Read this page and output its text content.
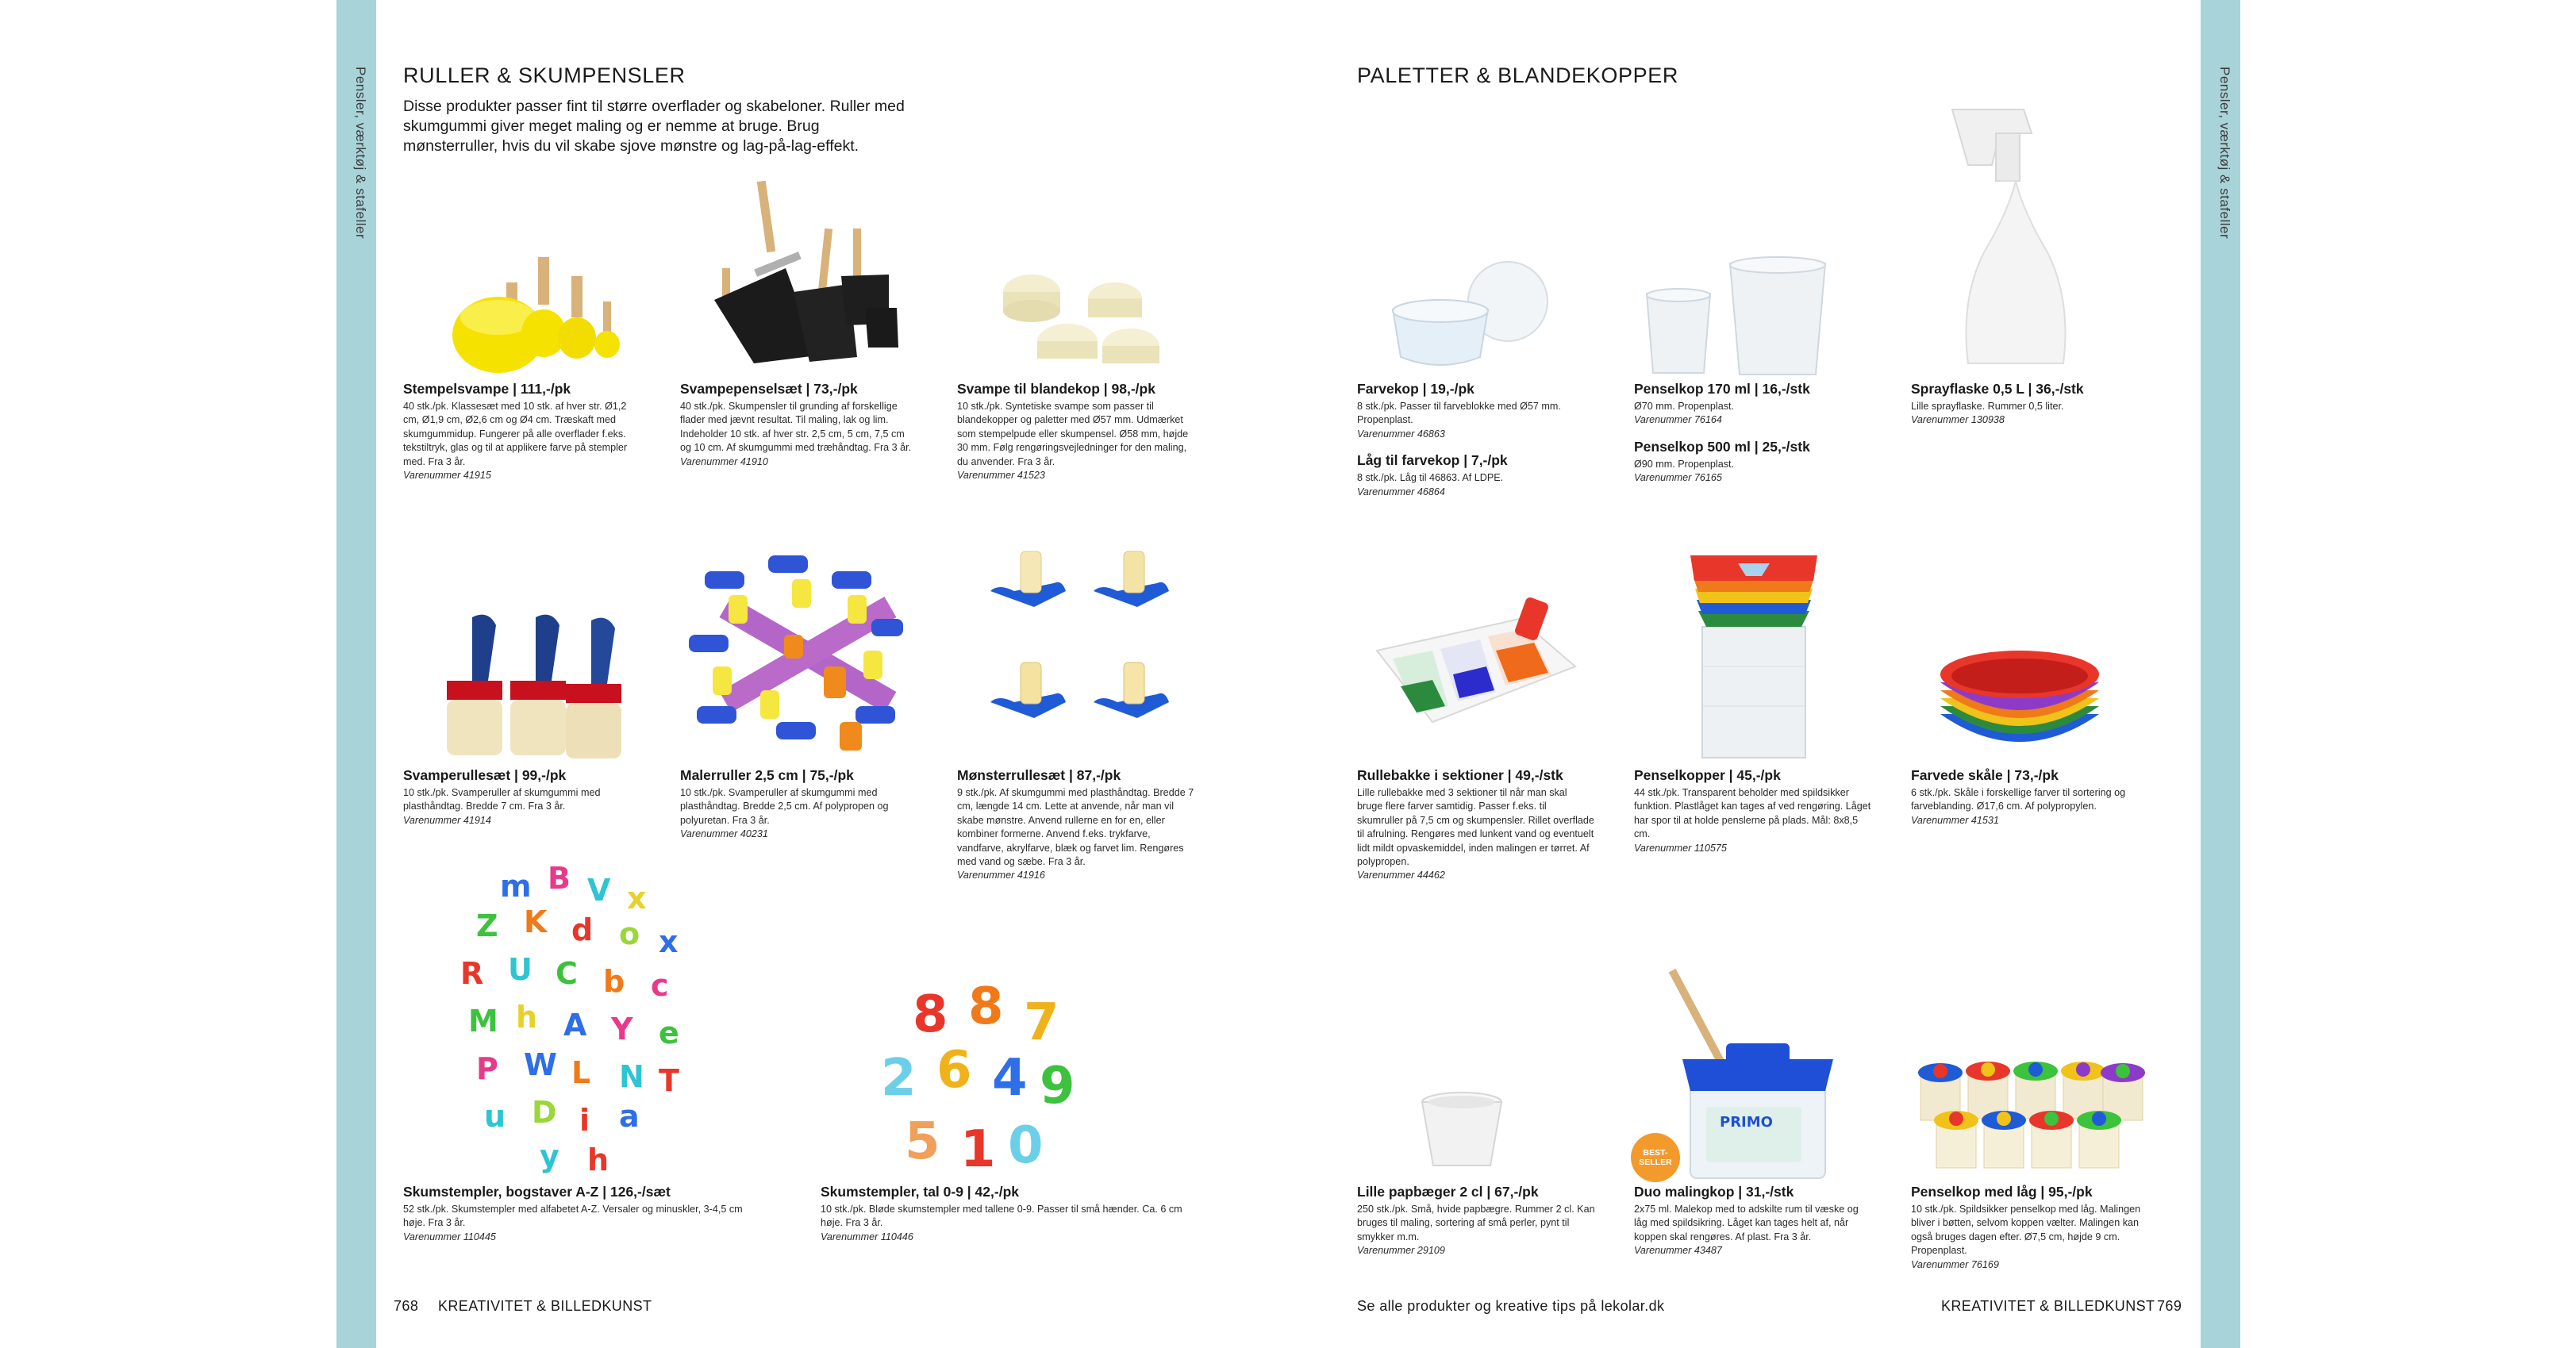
Pensler, værktøj & stafeller	Pensler, værktøj & stafeller
RULLER & SKUMPENSLER
Disse produkter passer fint til større overflader og skabeloner. Ruller med skumgummi giver meget maling og er nemme at bruge. Brug mønsterruller, hvis du vil skabe sjove mønstre og lag-på-lag-effekt.
PALETTER & BLANDEKOPPER
m B V x
Z K d o x
R U C b c
M h A Y e
P W L N T
u D i a
y h
8 8 7
2 6 4 9
5 1 0	PRIMO
BEST-
SELLER
Stempelsvampe | 111,-/pk
40 stk./pk. Klassesæt med 10 stk. af hver str. Ø1,2 cm, Ø1,9 cm, Ø2,6 cm og Ø4 cm. Træskaft med skumgummidup. Fungerer på alle overflader f.eks. tekstiltryk, glas og til at applikere farve på stempler med. Fra 3 år.
Varenummer 41915
Svampepenselsæt | 73,-/pk
40 stk./pk. Skumpensler til grunding af forskellige flader med jævnt resultat. Til maling, lak og lim. Indeholder 10 stk. af hver str. 2,5 cm, 5 cm, 7,5 cm og 10 cm. Af skumgummi med træhåndtag. Fra 3 år.
Varenummer 41910
Svampe til blandekop | 98,-/pk
10 stk./pk. Syntetiske svampe som passer til blandekopper og paletter med Ø57 mm. Udmærket som stempelpude eller skumpensel. Ø58 mm, højde 30 mm. Følg rengøringsvejledninger for den maling, du anvender. Fra 3 år.
Varenummer 41523
Svamperullesæt | 99,-/pk
10 stk./pk. Svamperuller af skumgummi med plasthåndtag. Bredde 7 cm. Fra 3 år.
Varenummer 41914
Malerruller 2,5 cm | 75,-/pk
10 stk./pk. Svamperuller af skumgummi med plasthåndtag. Bredde 2,5 cm. Af polypropen og polyuretan. Fra 3 år.
Varenummer 40231
Mønsterrullesæt | 87,-/pk
9 stk./pk. Af skumgummi med plasthåndtag. Bredde 7 cm, længde 14 cm. Lette at anvende, når man vil skabe mønstre. Anvend rullerne en for en, eller kombiner formerne. Anvend f.eks. trykfarve, vandfarve, akrylfarve, blæk og farvet lim. Rengøres med vand og sæbe. Fra 3 år.
Varenummer 41916
Skumstempler, bogstaver A-Z | 126,-/sæt
52 stk./pk. Skumstempler med alfabetet A-Z. Versaler og minuskler, 3-4,5 cm høje. Fra 3 år.
Varenummer 110445
Skumstempler, tal 0-9 | 42,-/pk
10 stk./pk. Bløde skumstempler med tallene 0-9. Passer til små hænder. Ca. 6 cm høje. Fra 3 år.
Varenummer 110446
Farvekop | 19,-/pk
8 stk./pk. Passer til farveblokke med Ø57 mm. Propenplast.
Varenummer 46863
Låg til farvekop | 7,-/pk
8 stk./pk. Låg til 46863. Af LDPE.
Varenummer 46864
Penselkop 170 ml | 16,-/stk
Ø70 mm. Propenplast.
Varenummer 76164
Penselkop 500 ml | 25,-/stk
Ø90 mm. Propenplast.
Varenummer 76165
Sprayflaske 0,5 L | 36,-/stk
Lille sprayflaske. Rummer 0,5 liter.
Varenummer 130938
Rullebakke i sektioner | 49,-/stk
Lille rullebakke med 3 sektioner til når man skal bruge flere farver samtidig. Passer f.eks. til skumruller på 7,5 cm og skumpensler. Rillet overflade til afrulning. Rengøres med lunkent vand og eventuelt lidt mildt opvaskemiddel, inden malingen er tørret. Af polypropen.
Varenummer 44462
Penselkopper | 45,-/pk
44 stk./pk. Transparent beholder med spildsikker funktion. Plastlåget kan tages af ved rengøring. Låget har spor til at holde penslerne på plads. Mål: 8x8,5 cm.
Varenummer 110575
Farvede skåle | 73,-/pk
6 stk./pk. Skåle i forskellige farver til sortering og farveblanding. Ø17,6 cm. Af polypropylen.
Varenummer 41531
Lille papbæger 2 cl | 67,-/pk
250 stk./pk. Små, hvide papbægre. Rummer 2 cl. Kan bruges til maling, sortering af små perler, pynt til smykker m.m.
Varenummer 29109
Duo malingkop | 31,-/stk
2x75 ml. Malekop med to adskilte rum til væske og låg med spildsikring. Låget kan tages helt af, når koppen skal rengøres. Af plast. Fra 3 år.
Varenummer 43487
Penselkop med låg | 95,-/pk
10 stk./pk. Spildsikker penselkop med låg. Malingen bliver i bøtten, selvom koppen vælter. Malingen kan også bruges dagen efter. Ø7,5 cm, højde 9 cm. Propenplast.
Varenummer 76169
768 KREATIVITET & BILLEDKUNST	Se alle produkter og kreative tips på lekolar.dk	KREATIVITET & BILLEDKUNST 769
